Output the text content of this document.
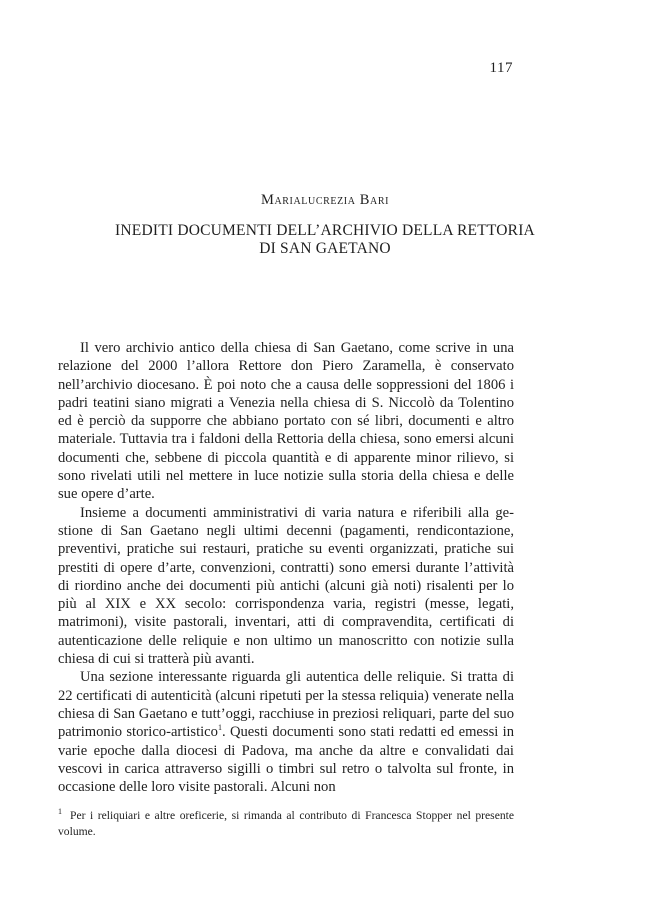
117
Marialucrezia Bari
INEDITI DOCUMENTI DELL’ARCHIVIO DELLA RETTORIA
DI SAN GAETANO

Il vero archivio antico della chiesa di San Gaetano, come scrive in una relazione del 2000 l’allora Rettore don Piero Zaramella, è conservato nell’archivio diocesano. È poi noto che a causa delle soppressioni del 1806 i padri teatini siano migrati a Venezia nella chiesa di S. Niccolò da Tolentino ed è perciò da supporre che abbiano portato con sé libri, documenti e altro materiale. Tuttavia tra i faldoni della Rettoria della chiesa, sono emersi alcuni documenti che, sebbene di piccola quantità e di apparente minor rilievo, si sono rivelati utili nel mettere in luce notizie sulla storia della chiesa e delle sue opere d’arte.

Insieme a documenti amministrativi di varia natura e riferibili alla gestione di San Gaetano negli ultimi decenni (pagamenti, rendicontazione, preventivi, pratiche sui restauri, pratiche su eventi organizzati, pratiche sui prestiti di opere d’arte, convenzioni, contratti) sono emersi durante l’attività di riordino anche dei documenti più antichi (alcuni già noti) risalenti per lo più al XIX e XX secolo: corrispondenza varia, registri (messe, legati, matrimoni), visite pastorali, inventari, atti di compravendita, certificati di autenticazione delle reliquie e non ultimo un manoscritto con notizie sulla chiesa di cui si tratterà più avanti.

Una sezione interessante riguarda gli autentica delle reliquie. Si tratta di 22 certificati di autenticità (alcuni ripetuti per la stessa reliquia) venerate nella chiesa di San Gaetano e tutt’oggi, racchiuse in preziosi reliquari, parte del suo patrimonio storico-artistico$^1$. Questi documenti sono stati redatti ed emessi in varie epoche dalla diocesi di Padova, ma anche da altre e convalidati dai vescovi in carica attraverso sigilli o timbri sul retro o talvolta sul fronte, in occasione delle loro visite pastorali. Alcuni non

$^1$ Per i reliquiari e altre oreficerie, si rimanda al contributo di Francesca Stopper nel presente volume.
